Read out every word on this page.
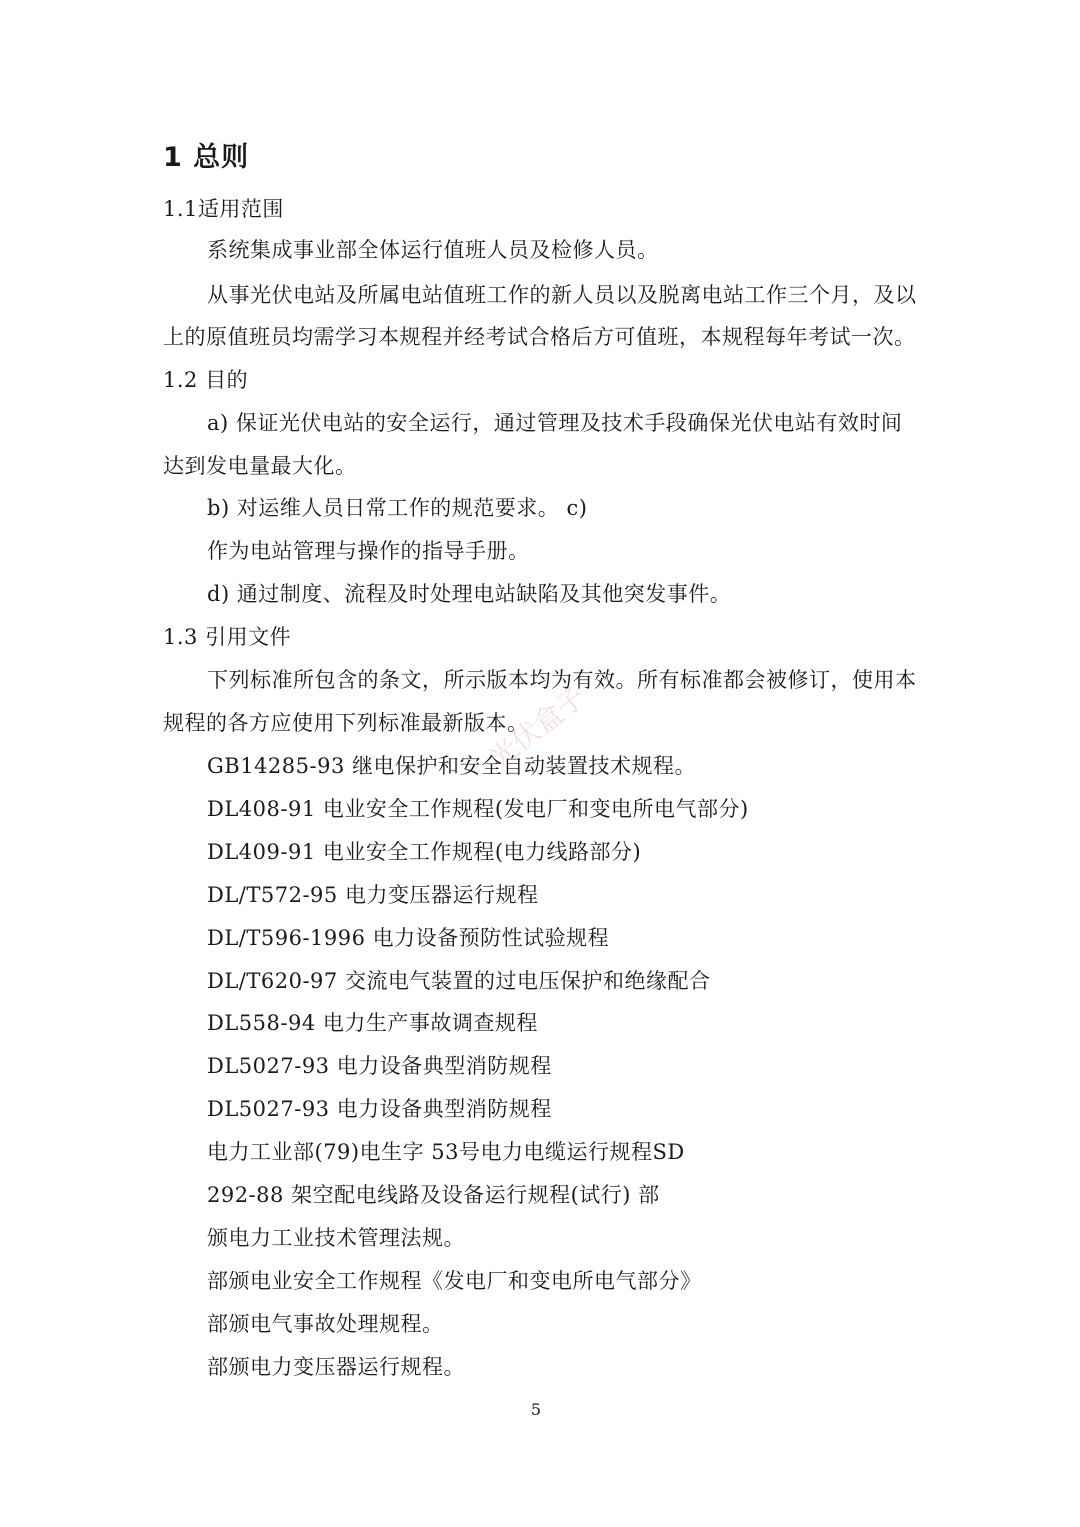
1 总则
1.1适用范围
系统集成事业部全体运行值班人员及检修人员。
从事光伏电站及所属电站值班工作的新人员以及脱离电站工作三个月，及以
上的原值班员均需学习本规程并经考试合格后方可值班，本规程每年考试一次。
1.2 目的
a) 保证光伏电站的安全运行，通过管理及技术手段确保光伏电站有效时间
达到发电量最大化。
b) 对运维人员日常工作的规范要求。 c)
作为电站管理与操作的指导手册。
d) 通过制度、流程及时处理电站缺陷及其他突发事件。
1.3 引用文件
下列标准所包含的条文，所示版本均为有效。所有标准都会被修订，使用本
规程的各方应使用下列标准最新版本。
GB14285-93 继电保护和安全自动装置技术规程。
DL408-91 电业安全工作规程(发电厂和变电所电气部分)
DL409-91 电业安全工作规程(电力线路部分)
DL/T572-95 电力变压器运行规程
DL/T596-1996 电力设备预防性试验规程
DL/T620-97 交流电气装置的过电压保护和绝缘配合
DL558-94 电力生产事故调查规程
DL5027-93 电力设备典型消防规程
DL5027-93 电力设备典型消防规程
电力工业部(79)电生字 53号电力电缆运行规程SD
292-88 架空配电线路及设备运行规程(试行) 部
颁电力工业技术管理法规。
部颁电业安全工作规程《发电厂和变电所电气部分》
部颁电气事故处理规程。
部颁电力变压器运行规程。
5
光伏盒子
